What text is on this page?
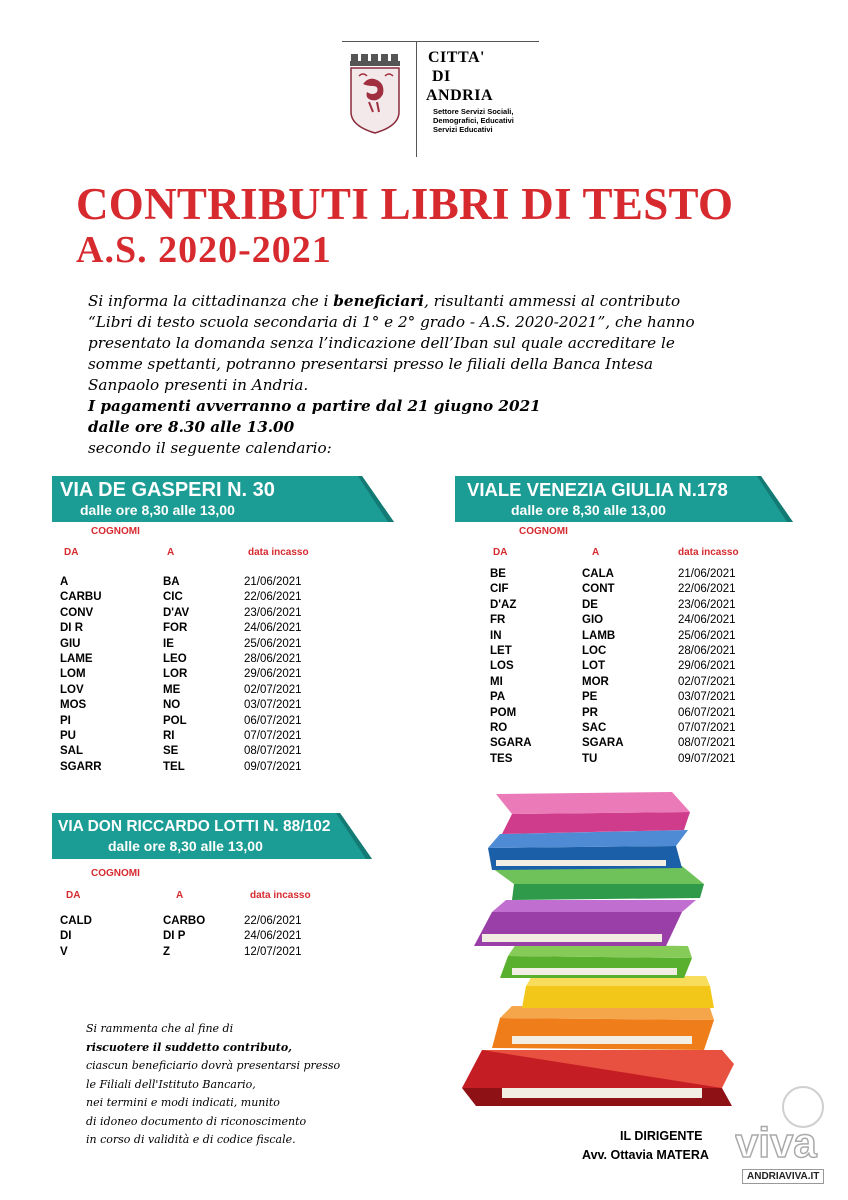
CITTA'
DI
ANDRIA
Settore Servizi Sociali,
Demografici, Educativi
Servizi Educativi
CONTRIBUTI LIBRI DI TESTO
A.S. 2020-2021
Si informa la cittadinanza che i beneficiari, risultanti ammessi al contributo
“Libri di testo scuola secondaria di 1° e 2° grado - A.S. 2020-2021”, che hanno
presentato la domanda senza l’indicazione dell’Iban sul quale accreditare le
somme spettanti, potranno presentarsi presso le filiali della Banca Intesa
Sanpaolo presenti in Andria.
I pagamenti avverranno a partire dal 21 giugno 2021
dalle ore 8.30 alle 13.00
secondo il seguente calendario:
VIA DE GASPERI N. 30
dalle ore 8,30 alle 13,00
VIALE VENEZIA GIULIA N.178
dalle ore 8,30 alle 13,00
VIA DON RICCARDO LOTTI N. 88/102
dalle ore 8,30 alle 13,00
COGNOMI
DA	A	data incasso
A	BA	21/06/2021
CARBU	CIC	22/06/2021
CONV	D'AV	23/06/2021
DI R	FOR	24/06/2021
GIU	IE	25/06/2021
LAME	LEO	28/06/2021
LOM	LOR	29/06/2021
LOV	ME	02/07/2021
MOS	NO	03/07/2021
PI	POL	06/07/2021
PU	RI	07/07/2021
SAL	SE	08/07/2021
SGARR	TEL	09/07/2021
COGNOMI
DA	A	data incasso
BE	CALA	21/06/2021
CIF	CONT	22/06/2021
D'AZ	DE	23/06/2021
FR	GIO	24/06/2021
IN	LAMB	25/06/2021
LET	LOC	28/06/2021
LOS	LOT	29/06/2021
MI	MOR	02/07/2021
PA	PE	03/07/2021
POM	PR	06/07/2021
RO	SAC	07/07/2021
SGARA	SGARA	08/07/2021
TES	TU	09/07/2021
COGNOMI
DA	A	data incasso
CALD	CARBO	22/06/2021
DI	DI P	24/06/2021
V	Z	12/07/2021
Si rammenta che al fine di
riscuotere il suddetto contributo,
ciascun beneficiario dovrà presentarsi presso
le Filiali dell'Istituto Bancario,
nei termini e modi indicati, munito
di idoneo documento di riconoscimento
in corso di validità e di codice fiscale.	IL DIRIGENTE
Avv. Ottavia MATERA viva
ANDRIAVIVA.IT
